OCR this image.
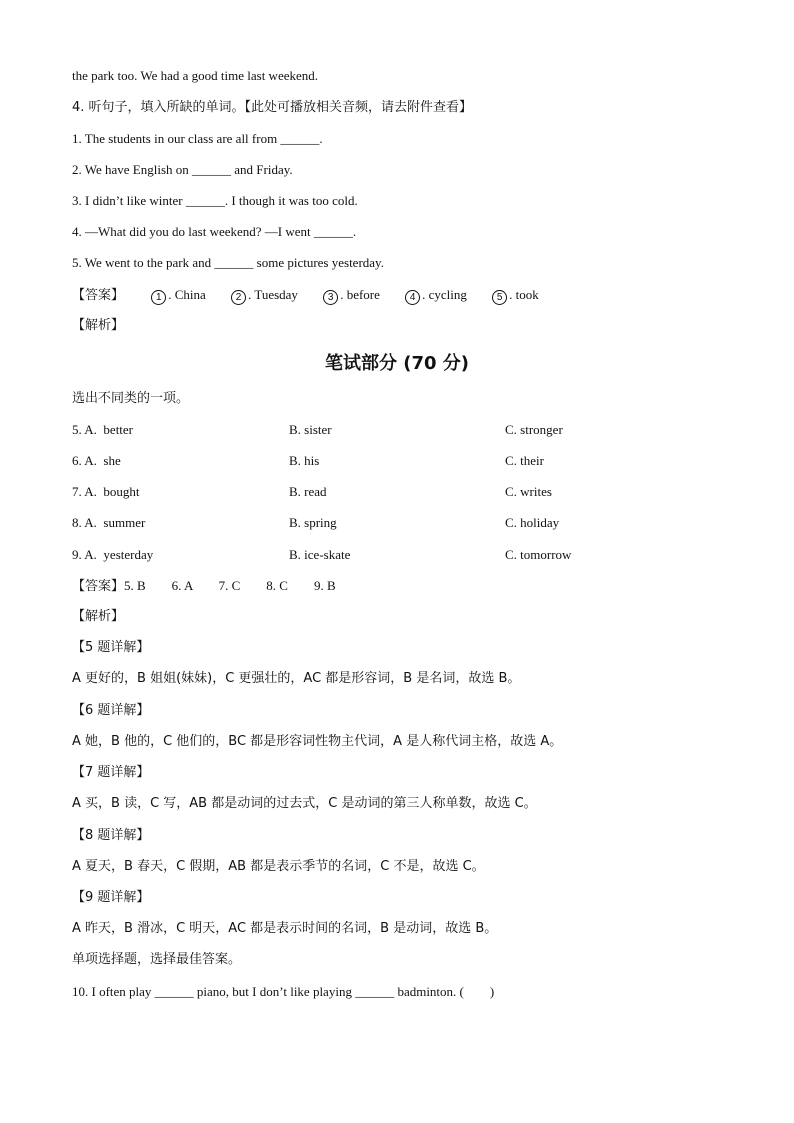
the park too. We had a good time last weekend.
4. 听句子，填入所缺的单词。【此处可播放相关音频，请去附件查看】
1. The students in our class are all from ______.
2. We have English on ______ and Friday.
3. I didn’t like winter ______. I though it was too cold.
4. —What did you do last weekend? —I went ______.
5. We went to the park and ______ some pictures yesterday.
【答案】	1 . China	2 . Tuesday	3 . before	4 . cycling	5 . took
【解析】
笔试部分 (70 分)
选出不同类的一项。
5. A. better	B. sister	C. stronger
6. A. she	B. his	C. their
7. A. bought	B. read	C. writes
8. A. summer	B. spring	C. holiday
9. A. yesterday	B. ice-skate	C. tomorrow
【答案】5. B        6. A        7. C        8. C        9. B
【解析】
【5 题详解】
A 更好的，B 姐姐(妹妹)，C 更强壮的，AC 都是形容词，B 是名词，故选 B。
【6 题详解】
A 她，B 他的，C 他们的，BC 都是形容词性物主代词，A 是人称代词主格，故选 A。
【7 题详解】
A 买，B 读，C 写，AB 都是动词的过去式，C 是动词的第三人称单数，故选 C。
【8 题详解】
A 夏天，B 春天，C 假期，AB 都是表示季节的名词，C 不是，故选 C。
【9 题详解】
A 昨天，B 滑冰，C 明天，AC 都是表示时间的名词，B 是动词，故选 B。
单项选择题，选择最佳答案。
10. I often play ______ piano, but I don’t like playing ______ badminton. ( )
